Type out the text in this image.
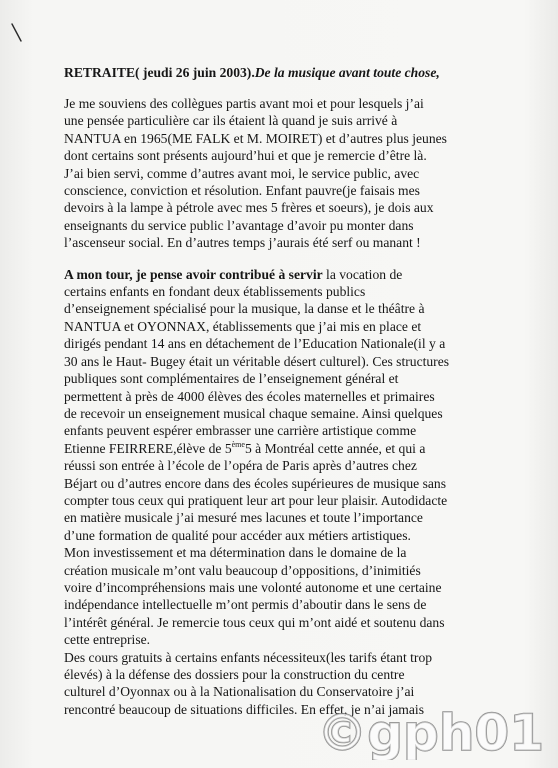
RETRAITE( jeudi 26 juin 2003).De la musique avant toute chose,

Je me souviens des collègues partis avant moi et pour lesquels j’ai
une pensée particulière car ils étaient là quand je suis arrivé à
NANTUA en 1965(ME FALK et M. MOIRET) et d’autres plus jeunes
dont certains sont présents aujourd’hui et que je remercie d’être là.
J’ai bien servi, comme d’autres avant moi, le service public, avec
conscience, conviction et résolution. Enfant pauvre(je faisais mes
devoirs à la lampe à pétrole avec mes 5 frères et soeurs), je dois aux
enseignants du service public l’avantage d’avoir pu monter dans
l’ascenseur social. En d’autres temps j’aurais été serf ou manant !
A mon tour, je pense avoir contribué à servir la vocation de
certains enfants en fondant deux établissements publics
d’enseignement spécialisé pour la musique, la danse et le théâtre à
NANTUA et OYONNAX, établissements que j’ai mis en place et
dirigés pendant 14 ans en détachement de l’Education Nationale(il y a
30 ans le Haut- Bugey était un véritable désert culturel). Ces structures
publiques sont complémentaires de l’enseignement général et
permettent à près de 4000 élèves des écoles maternelles et primaires
de recevoir un enseignement musical chaque semaine. Ainsi quelques
enfants peuvent espérer embrasser une carrière artistique comme
Etienne FEIRRERE,élève de 5ème5 à Montréal cette année, et qui a
réussi son entrée à l’école de l’opéra de Paris après d’autres chez
Béjart ou d’autres encore dans des écoles supérieures de musique sans
compter tous ceux qui pratiquent leur art pour leur plaisir. Autodidacte
en matière musicale j’ai mesuré mes lacunes et toute l’importance
d’une formation de qualité pour accéder aux métiers artistiques.
Mon investissement et ma détermination dans le domaine de la
création musicale m’ont valu beaucoup d’oppositions, d’inimitiés
voire d’incompréhensions mais une volonté autonome et une certaine
indépendance intellectuelle m’ont permis d’aboutir dans le sens de
l’intérêt général. Je remercie tous ceux qui m’ont aidé et soutenu dans
cette entreprise.
Des cours gratuits à certains enfants nécessiteux(les tarifs étant trop
élevés) à la défense des dossiers pour la construction du centre
culturel d’Oyonnax ou à la Nationalisation du Conservatoire j’ai
rencontré beaucoup de situations difficiles. En effet, je n’ai jamais
©gph01
